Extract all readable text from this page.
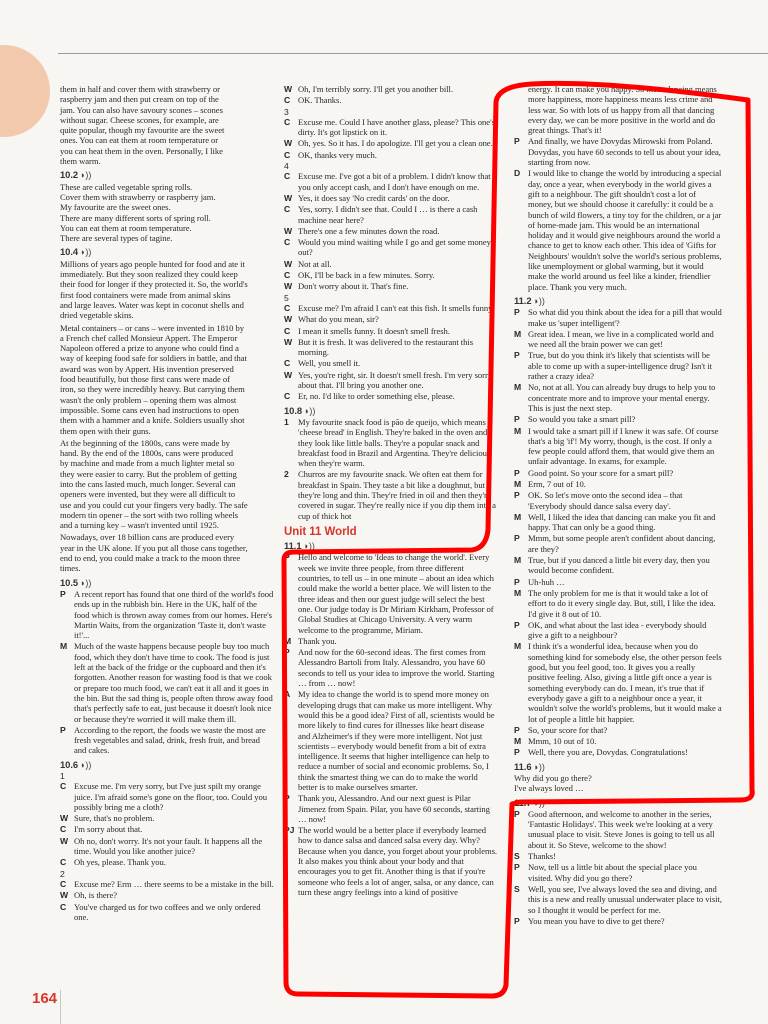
164
them in half and cover them with strawberry or
raspberry jam and then put cream on top of the
jam. You can also have savoury scones – scones
without sugar. Cheese scones, for example, are
quite popular, though my favourite are the sweet
ones. You can eat them at room temperature or
you can heat them in the oven. Personally, I like
them warm.
10.2 ◗))
These are called vegetable spring rolls.
Cover them with strawberry or raspberry jam.
My favourite are the sweet ones.
There are many different sorts of spring roll.
You can eat them at room temperature.
There are several types of tagine.
10.4 ◗))
Millions of years ago people hunted for food and ate it
immediately. But they soon realized they could keep
their food for longer if they protected it. So, the world's
first food containers were made from animal skins
and large leaves. Water was kept in coconut shells and
dried vegetable skins.
Metal containers – or cans – were invented in 1810 by
a French chef called Monsieur Appert. The Emperor
Napoleon offered a prize to anyone who could find a
way of keeping food safe for soldiers in battle, and that
award was won by Appert. His invention preserved
food beautifully, but those first cans were made of
iron, so they were incredibly heavy. But carrying them
wasn't the only problem – opening them was almost
impossible. Some cans even had instructions to open
them with a hammer and a knife. Soldiers usually shot
them open with their guns.
At the beginning of the 1800s, cans were made by
hand. By the end of the 1800s, cans were produced
by machine and made from a much lighter metal so
they were easier to carry. But the problem of getting
into the cans lasted much, much longer. Several can
openers were invented, but they were all difficult to
use and you could cut your fingers very badly. The safe
modern tin opener – the sort with two rolling wheels
and a turning key – wasn't invented until 1925.
Nowadays, over 18 billion cans are produced every
year in the UK alone. If you put all those cans together,
end to end, you could make a track to the moon three
times.
10.5 ◗))
P A recent report has found that one third of the world's food ends up in the rubbish bin. Here in the UK, half of the food which is thrown away comes from our homes. Here's Martin Waits, from the organization 'Taste it, don't waste it!'...
M Much of the waste happens because people buy too much food, which they don't have time to cook. The food is just left at the back of the fridge or the cupboard and then it's forgotten. Another reason for wasting food is that we cook or prepare too much food, we can't eat it all and it goes in the bin. But the sad thing is, people often throw away food that's perfectly safe to eat, just because it doesn't look nice or because they're worried it will make them ill.
P According to the report, the foods we waste the most are fresh vegetables and salad, drink, fresh fruit, and bread and cakes.
10.6 ◗))
1
C Excuse me. I'm very sorry, but I've just spilt my orange juice. I'm afraid some's gone on the floor, too. Could you possibly bring me a cloth?
W Sure, that's no problem.
C I'm sorry about that.
W Oh no, don't worry. It's not your fault. It happens all the time. Would you like another juice?
C Oh yes, please. Thank you.
2
C Excuse me? Erm … there seems to be a mistake in the bill.
W Oh, is there?
C You've charged us for two coffees and we only ordered one.
W Oh, I'm terribly sorry. I'll get you another bill.
C OK. Thanks.
3
C Excuse me. Could I have another glass, please? This one's dirty. It's got lipstick on it.
W Oh, yes. So it has. I do apologize. I'll get you a clean one.
C OK, thanks very much.
4
C Excuse me. I've got a bit of a problem. I didn't know that you only accept cash, and I don't have enough on me.
W Yes, it does say 'No credit cards' on the door.
C Yes, sorry. I didn't see that. Could I … is there a cash machine near here?
W There's one a few minutes down the road.
C Would you mind waiting while I go and get some money out?
W Not at all.
C OK, I'll be back in a few minutes. Sorry.
W Don't worry about it. That's fine.
5
C Excuse me? I'm afraid I can't eat this fish. It smells funny.
W What do you mean, sir?
C I mean it smells funny. It doesn't smell fresh.
W But it is fresh. It was delivered to the restaurant this morning.
C Well, you smell it.
W Yes, you're right, sir. It doesn't smell fresh. I'm very sorry about that. I'll bring you another one.
C Er, no. I'd like to order something else, please.
10.8 ◗))
1	My favourite snack food is pão de queijo, which means 'cheese bread' in English. They're baked in the oven and they look like little balls. They're a popular snack and breakfast food in Brazil and Argentina. They're delicious when they're warm.
2	Churros are my favourite snack. We often eat them for breakfast in Spain. They taste a bit like a doughnut, but they're long and thin. They're fried in oil and then they're covered in sugar. They're really nice if you dip them into a cup of thick hot
Unit 11 World
11.1 ◗))
P Hello and welcome to 'Ideas to change the world'. Every week we invite three people, from three different countries, to tell us – in one minute – about an idea which could make the world a better place. We will listen to the three ideas and then our guest judge will select the best one. Our judge today is Dr Miriam Kirkham, Professor of Global Studies at Chicago University. A very warm welcome to the programme, Miriam.
M Thank you.
P And now for the 60-second ideas. The first comes from Alessandro Bartoli from Italy. Alessandro, you have 60 seconds to tell us your idea to improve the world. Starting … from … now!
A My idea to change the world is to spend more money on developing drugs that can make us more intelligent. Why would this be a good idea? First of all, scientists would be more likely to find cures for illnesses like heart disease and Alzheimer's if they were more intelligent. Not just scientists – everybody would benefit from a bit of extra intelligence. It seems that higher intelligence can help to reduce a number of social and economic problems. So, I think the smartest thing we can do to make the world better is to make ourselves smarter.
P Thank you, Alessandro. And our next guest is Pilar Jimenez from Spain. Pilar, you have 60 seconds, starting … now!
PJ The world would be a better place if everybody learned how to dance salsa and danced salsa every day. Why? Because when you dance, you forget about your problems. It also makes you think about your body and that encourages you to get fit. Another thing is that if you're someone who feels a lot of anger, salsa, or any dance, can turn these angry feelings into a kind of positive
energy. It can make you happy. So more dancing means more happiness, more happiness means less crime and less war. So with lots of us happy from all that dancing every day, we can be more positive in the world and do great things. That's it!
P And finally, we have Dovydas Mirowski from Poland. Dovydas, you have 60 seconds to tell us about your idea, starting from now.
D I would like to change the world by introducing a special day, once a year, when everybody in the world gives a gift to a neighbour. The gift shouldn't cost a lot of money, but we should choose it carefully: it could be a bunch of wild flowers, a tiny toy for the children, or a jar of home-made jam. This would be an international holiday and it would give neighbours around the world a chance to get to know each other. This idea of 'Gifts for Neighbours' wouldn't solve the world's serious problems, like unemployment or global warming, but it would make the world around us feel like a kinder, friendlier place. Thank you very much.
11.2 ◗))
P So what did you think about the idea for a pill that would make us 'super intelligent'?
M Great idea. I mean, we live in a complicated world and we need all the brain power we can get!
P True, but do you think it's likely that scientists will be able to come up with a super-intelligence drug? Isn't it rather a crazy idea?
M No, not at all. You can already buy drugs to help you to concentrate more and to improve your mental energy. This is just the next step.
P So would you take a smart pill?
M I would take a smart pill if I knew it was safe. Of course that's a big 'if'! My worry, though, is the cost. If only a few people could afford them, that would give them an unfair advantage. In exams, for example.
P Good point. So your score for a smart pill?
M Erm, 7 out of 10.
P OK. So let's move onto the second idea – that 'Everybody should dance salsa every day'.
M Well, I liked the idea that dancing can make you fit and happy. That can only be a good thing.
P Mmm, but some people aren't confident about dancing, are they?
M True, but if you danced a little bit every day, then you would become confident.
P Uh-huh …
M The only problem for me is that it would take a lot of effort to do it every single day. But, still, I like the idea. I'd give it 8 out of 10.
P OK, and what about the last idea - everybody should give a gift to a neighbour?
M I think it's a wonderful idea, because when you do something kind for somebody else, the other person feels good, but you feel good, too. It gives you a really positive feeling. Also, giving a little gift once a year is something everybody can do. I mean, it's true that if everybody gave a gift to a neighbour once a year, it wouldn't solve the world's problems, but it would make a lot of people a little bit happier.
P So, your score for that?
M Mmm, 10 out of 10.
P Well, there you are, Dovydas. Congratulations!
11.6 ◗))
Why did you go there?
I've always loved …
11.7 ◗))
P Good afternoon, and welcome to another in the series, 'Fantastic Holidays'. This week we're looking at a very unusual place to visit. Steve Jones is going to tell us all about it. So Steve, welcome to the show!
S Thanks!
P Now, tell us a little bit about the special place you visited. Why did you go there?
S Well, you see, I've always loved the sea and diving, and this is a new and really unusual underwater place to visit, so I thought it would be perfect for me.
P You mean you have to dive to get there?
